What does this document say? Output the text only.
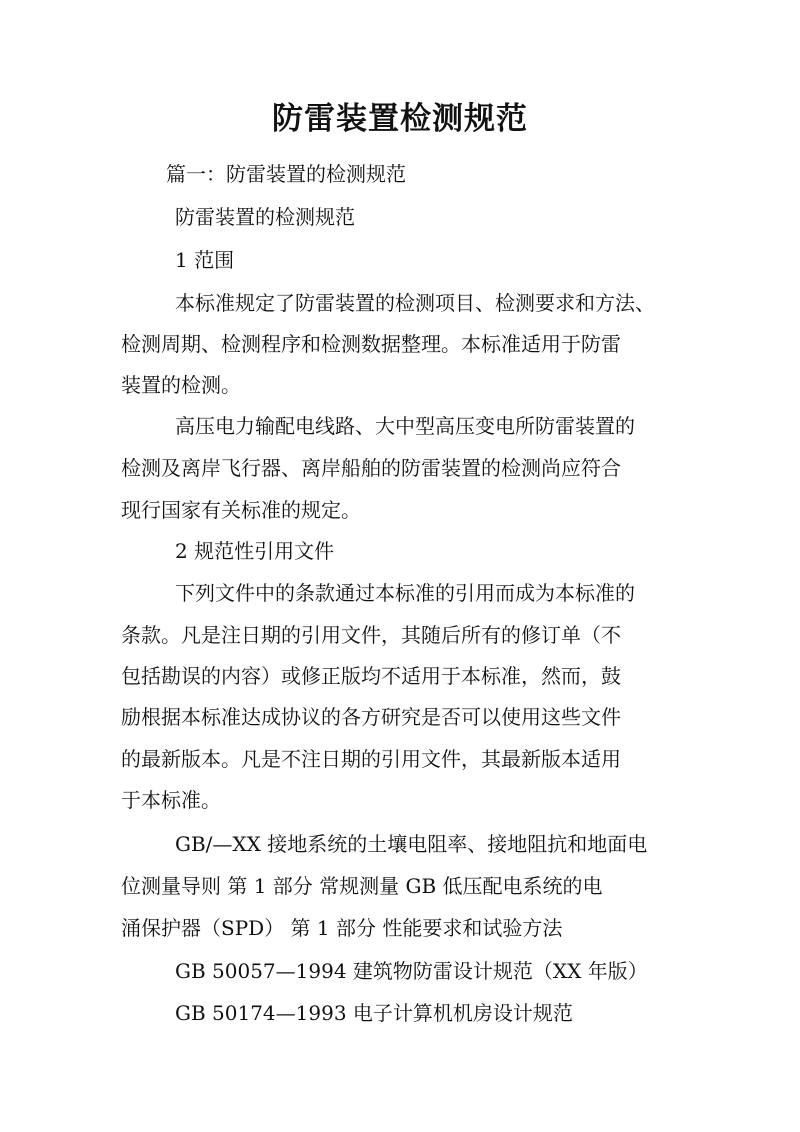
防雷装置检测规范

篇一：防雷装置的检测规范

防雷装置的检测规范

1 范围

本标准规定了防雷装置的检测项目、检测要求和方法、

检测周期、检测程序和检测数据整理。本标准适用于防雷

装置的检测。

高压电力输配电线路、大中型高压变电所防雷装置的

检测及离岸飞行器、离岸船舶的防雷装置的检测尚应符合

现行国家有关标准的规定。

2 规范性引用文件

下列文件中的条款通过本标准的引用而成为本标准的

条款。凡是注日期的引用文件，其随后所有的修订单（不

包括勘误的内容）或修正版均不适用于本标准，然而，鼓

励根据本标准达成协议的各方研究是否可以使用这些文件

的最新版本。凡是不注日期的引用文件，其最新版本适用

于本标准。

GB/—XX 接地系统的土壤电阻率、接地阻抗和地面电

位测量导则 第 1 部分 常规测量 GB 低压配电系统的电

涌保护器（SPD） 第 1 部分 性能要求和试验方法

GB 50057—1994 建筑物防雷设计规范（XX 年版）

GB 50174—1993 电子计算机机房设计规范
